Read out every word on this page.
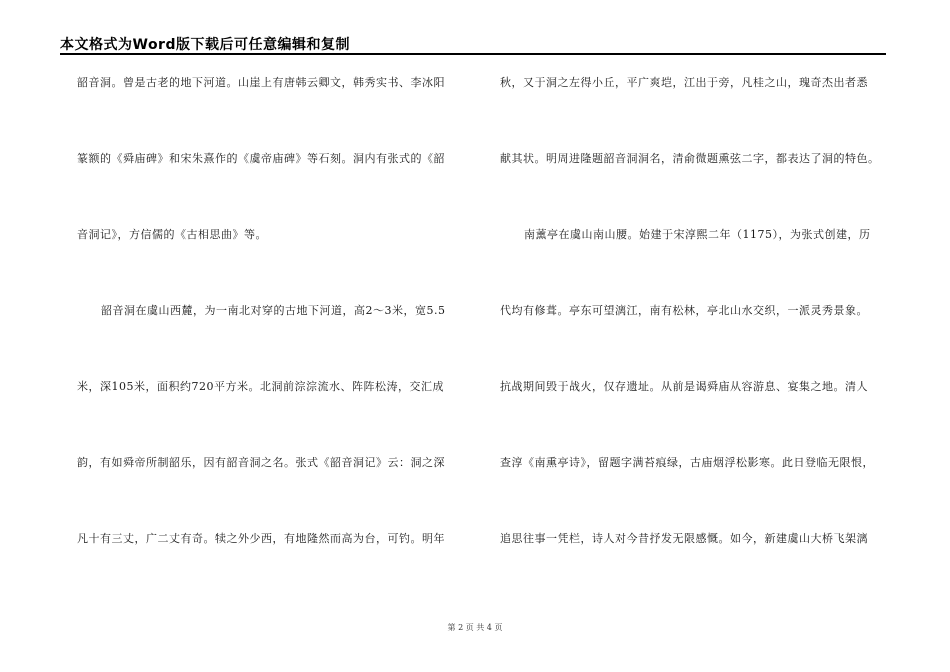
本文格式为Word版下载后可任意编辑和复制
韶音洞。曾是古老的地下河道。山崖上有唐韩云卿文，韩秀实书、李冰阳
篆额的《舜庙碑》和宋朱熹作的《虞帝庙碑》等石刻。洞内有张式的《韶
音洞记》，方信儒的《古相思曲》等。
韶音洞在虞山西麓，为一南北对穿的古地下河道，高2～3米，宽5.5
米，深105米，面积约720平方米。北洞前淙淙流水、阵阵松涛，交汇成
韵，有如舜帝所制韶乐，因有韶音洞之名。张式《韶音洞记》云：洞之深
凡十有三丈，广二丈有奇。犊之外少西，有地隆然而高为台，可钓。明年
秋，又于洞之左得小丘，平广爽垲，江出于旁，凡桂之山，瑰奇杰出者悉
献其状。明周进隆题韶音洞洞名，清俞微题熏弦二字，都表达了洞的特色。
南薰亭在虞山南山腰。始建于宋淳熙二年（1175），为张式创建，历
代均有修葺。亭东可望漓江，南有松林，亭北山水交织，一派灵秀景象。
抗战期间毁于战火，仅存遗址。从前是谒舜庙从容游息、宴集之地。清人
查淳《南熏亭诗》，留题字满苔痕绿，古庙烟浮松影寒。此日登临无限恨，
追思往事一凭栏，诗人对今昔抒发无限感慨。如今，新建虞山大桥飞架漓
第 2 页 共 4 页
